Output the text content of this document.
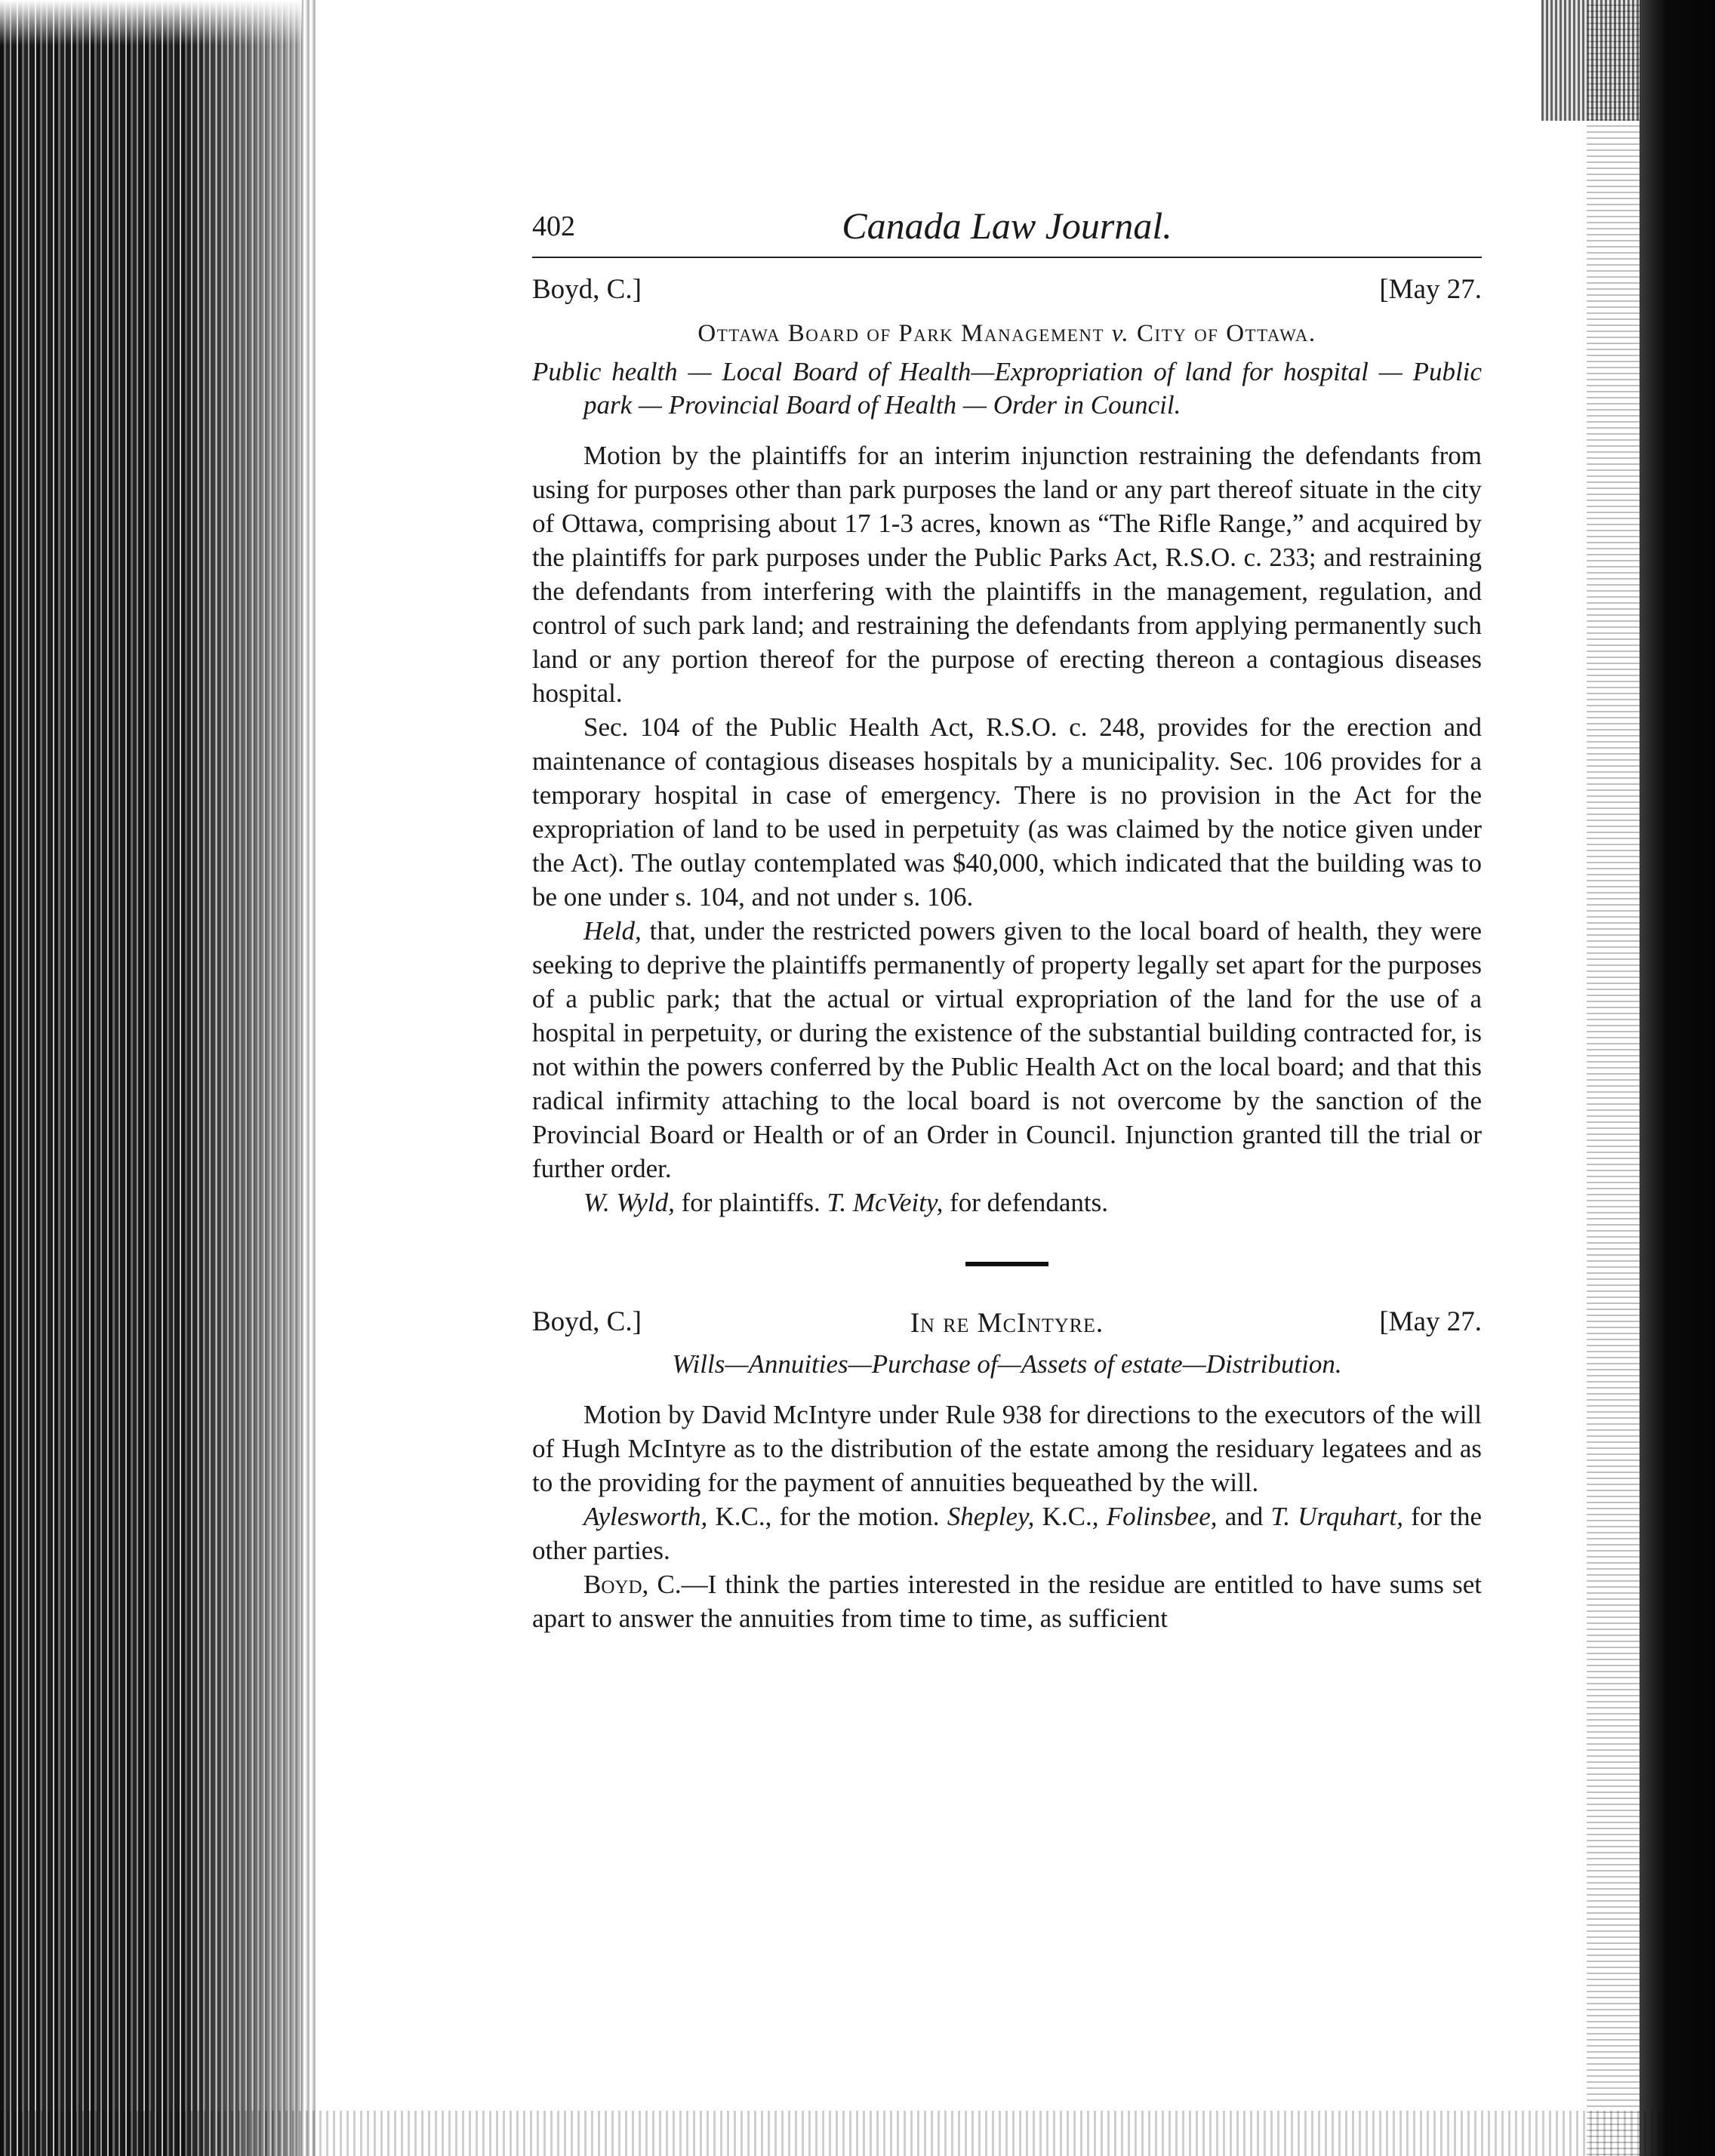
402	Canada Law Journal.
Boyd, C.]	[May 27.
Ottawa Board of Park Management v. City of Ottawa.
Public health — Local Board of Health—Expropriation of land for hospital — Public park — Provincial Board of Health — Order in Council.

Motion by the plaintiffs for an interim injunction restraining the defendants from using for purposes other than park purposes the land or any part thereof situate in the city of Ottawa, comprising about 17 1-3 acres, known as “The Rifle Range,” and acquired by the plaintiffs for park purposes under the Public Parks Act, R.S.O. c. 233; and restraining the defendants from interfering with the plaintiffs in the management, regulation, and control of such park land; and restraining the defendants from applying permanently such land or any portion thereof for the purpose of erecting thereon a contagious diseases hospital.

Sec. 104 of the Public Health Act, R.S.O. c. 248, provides for the erection and maintenance of contagious diseases hospitals by a municipality. Sec. 106 provides for a temporary hospital in case of emergency. There is no provision in the Act for the expropriation of land to be used in perpetuity (as was claimed by the notice given under the Act). The outlay contemplated was $40,000, which indicated that the building was to be one under s. 104, and not under s. 106.

Held, that, under the restricted powers given to the local board of health, they were seeking to deprive the plaintiffs permanently of property legally set apart for the purposes of a public park; that the actual or virtual expropriation of the land for the use of a hospital in perpetuity, or during the existence of the substantial building contracted for, is not within the powers conferred by the Public Health Act on the local board; and that this radical infirmity attaching to the local board is not overcome by the sanction of the Provincial Board or Health or of an Order in Council. Injunction granted till the trial or further order.

W. Wyld, for plaintiffs. T. McVeity, for defendants.

Boyd, C.]	In re McIntyre.	[May 27.
Wills—Annuities—Purchase of—Assets of estate—Distribution.

Motion by David McIntyre under Rule 938 for directions to the executors of the will of Hugh McIntyre as to the distribution of the estate among the residuary legatees and as to the providing for the payment of annuities bequeathed by the will.

Aylesworth, K.C., for the motion. Shepley, K.C., Folinsbee, and T. Urquhart, for the other parties.

Boyd, C.—I think the parties interested in the residue are entitled to have sums set apart to answer the annuities from time to time, as sufficient
